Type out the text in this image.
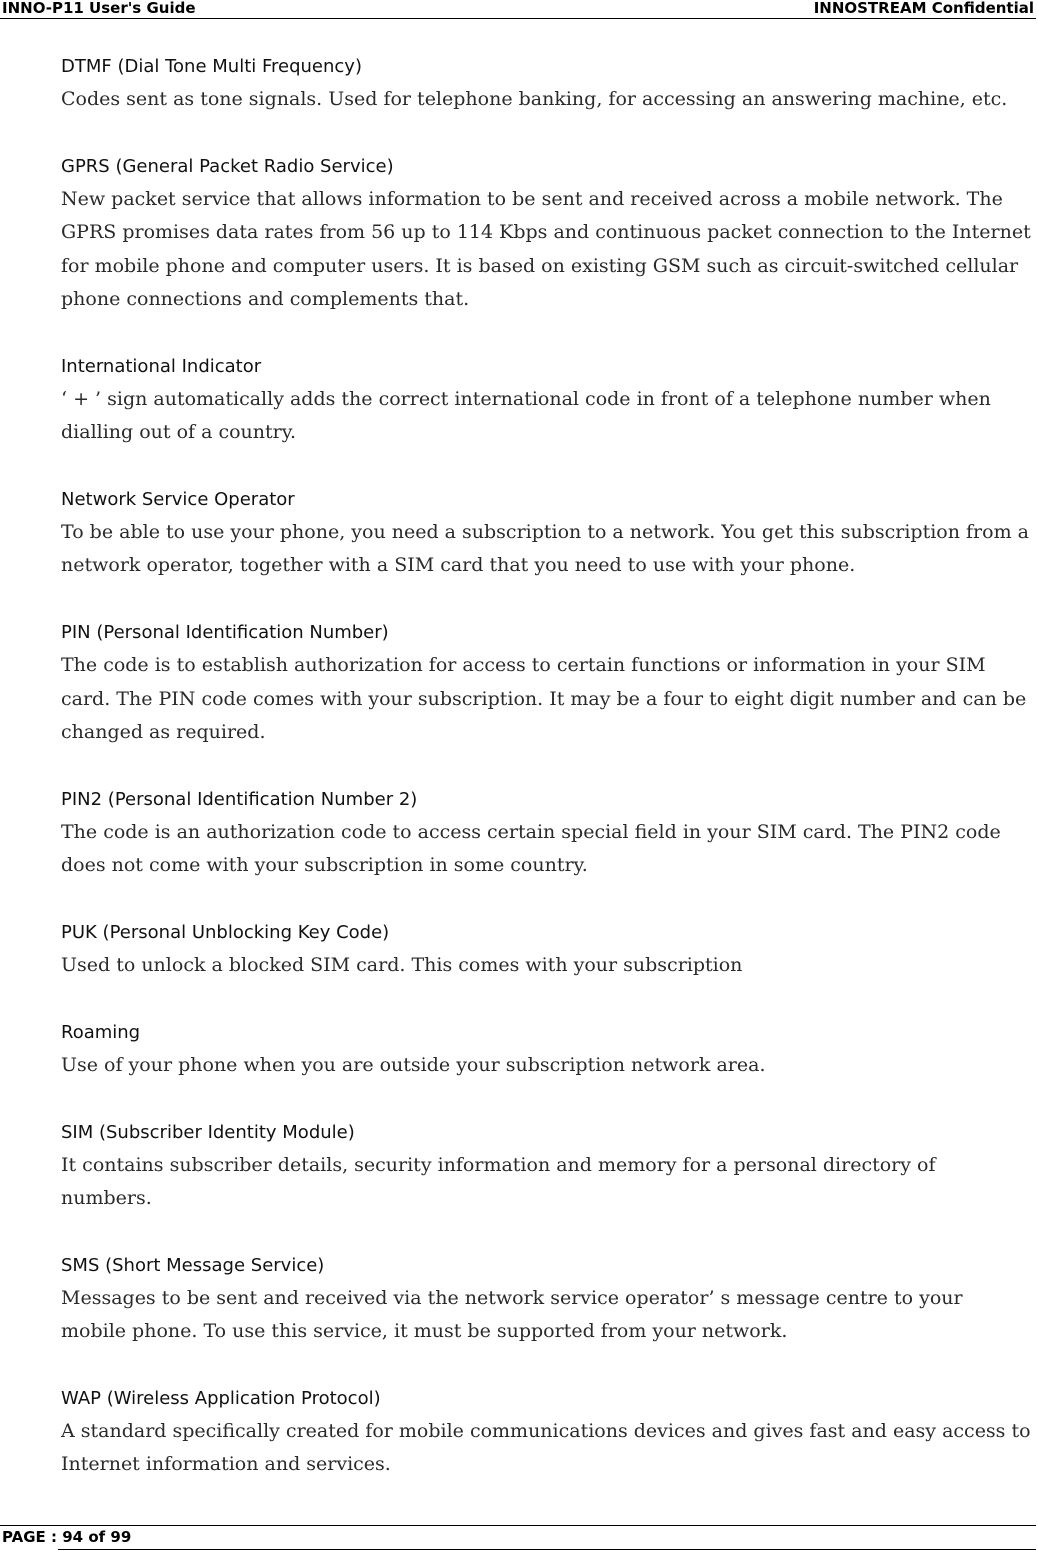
INNO-P11 User's Guide	INNOSTREAM Confidential
DTMF (Dial Tone Multi Frequency)
Codes sent as tone signals. Used for telephone banking, for accessing an answering machine, etc.
GPRS (General Packet Radio Service)
New packet service that allows information to be sent and received across a mobile network. The GPRS promises data rates from 56 up to 114 Kbps and continuous packet connection to the Internet for mobile phone and computer users. It is based on existing GSM such as circuit-switched cellular phone connections and complements that.
International Indicator
‘ + ’ sign automatically adds the correct international code in front of a telephone number when dialling out of a country.
Network Service Operator
To be able to use your phone, you need a subscription to a network. You get this subscription from a network operator, together with a SIM card that you need to use with your phone.
PIN (Personal Identification Number)
The code is to establish authorization for access to certain functions or information in your SIM card. The PIN code comes with your subscription. It may be a four to eight digit number and can be changed as required.
PIN2 (Personal Identification Number 2)
The code is an authorization code to access certain special field in your SIM card. The PIN2 code does not come with your subscription in some country.
PUK (Personal Unblocking Key Code)
Used to unlock a blocked SIM card. This comes with your subscription
Roaming
Use of your phone when you are outside your subscription network area.
SIM (Subscriber Identity Module)
It contains subscriber details, security information and memory for a personal directory of numbers.
SMS (Short Message Service)
Messages to be sent and received via the network service operator’ s message centre to your mobile phone. To use this service, it must be supported from your network.
WAP (Wireless Application Protocol)
A standard specifically created for mobile communications devices and gives fast and easy access to Internet information and services.
PAGE : 94 of 99
